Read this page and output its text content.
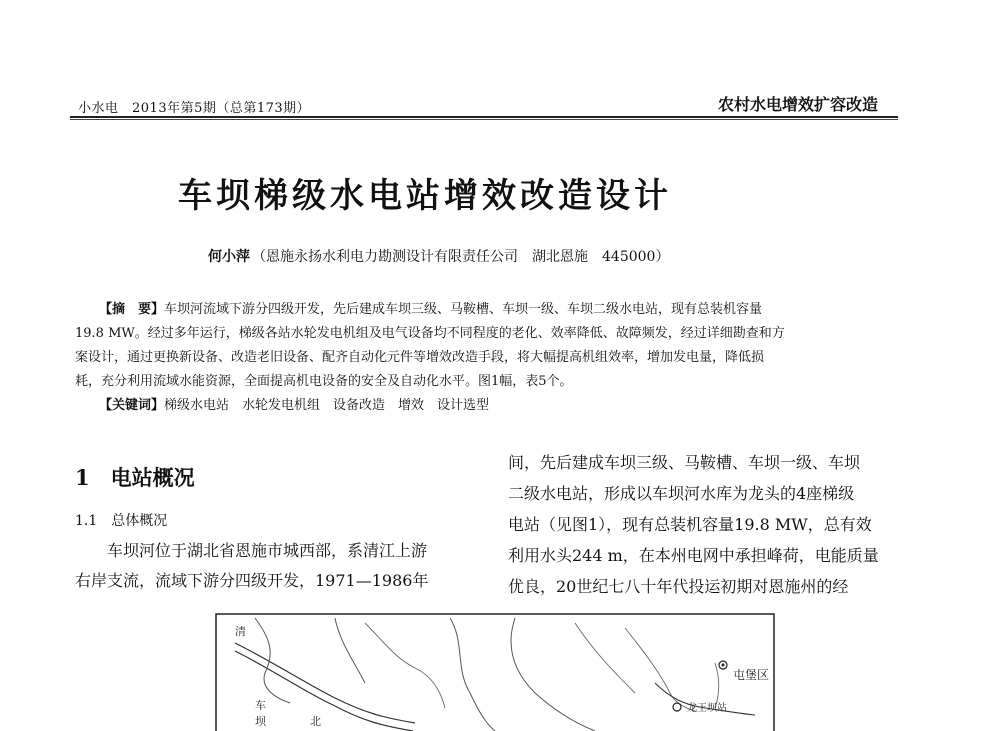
小水电　2013年第5期（总第173期）	农村水电增效扩容改造
车坝梯级水电站增效改造设计
何小萍 （恩施永扬水利电力勘测设计有限责任公司　湖北恩施　445000）
【摘　要】车坝河流域下游分四级开发，先后建成车坝三级、马鞍槽、车坝一级、车坝二级水电站，现有总装机容量
19.8 MW。经过多年运行，梯级各站水轮发电机组及电气设备均不同程度的老化、效率降低、故障频发，经过详细勘查和方
案设计，通过更换新设备、改造老旧设备、配齐自动化元件等增效改造手段，将大幅提高机组效率，增加发电量，降低损
耗，充分利用流域水能资源，全面提高机电设备的安全及自动化水平。图1幅，表5个。
【关键词】梯级水电站　水轮发电机组　设备改造　增效　设计选型
1　电站概况
1.1　总体概况
　　车坝河位于湖北省恩施市城西部，系清江上游
右岸支流，流域下游分四级开发，1971—1986年
间，先后建成车坝三级、马鞍槽、车坝一级、车坝
二级水电站，形成以车坝河水库为龙头的4座梯级
电站（见图1），现有总装机容量19.8 MW，总有效
利用水头244 m，在本州电网中承担峰荷，电能质量
优良，20世纪七八十年代投运初期对恩施州的经
清
车
坝	北
屯堡区
龙王坝站
